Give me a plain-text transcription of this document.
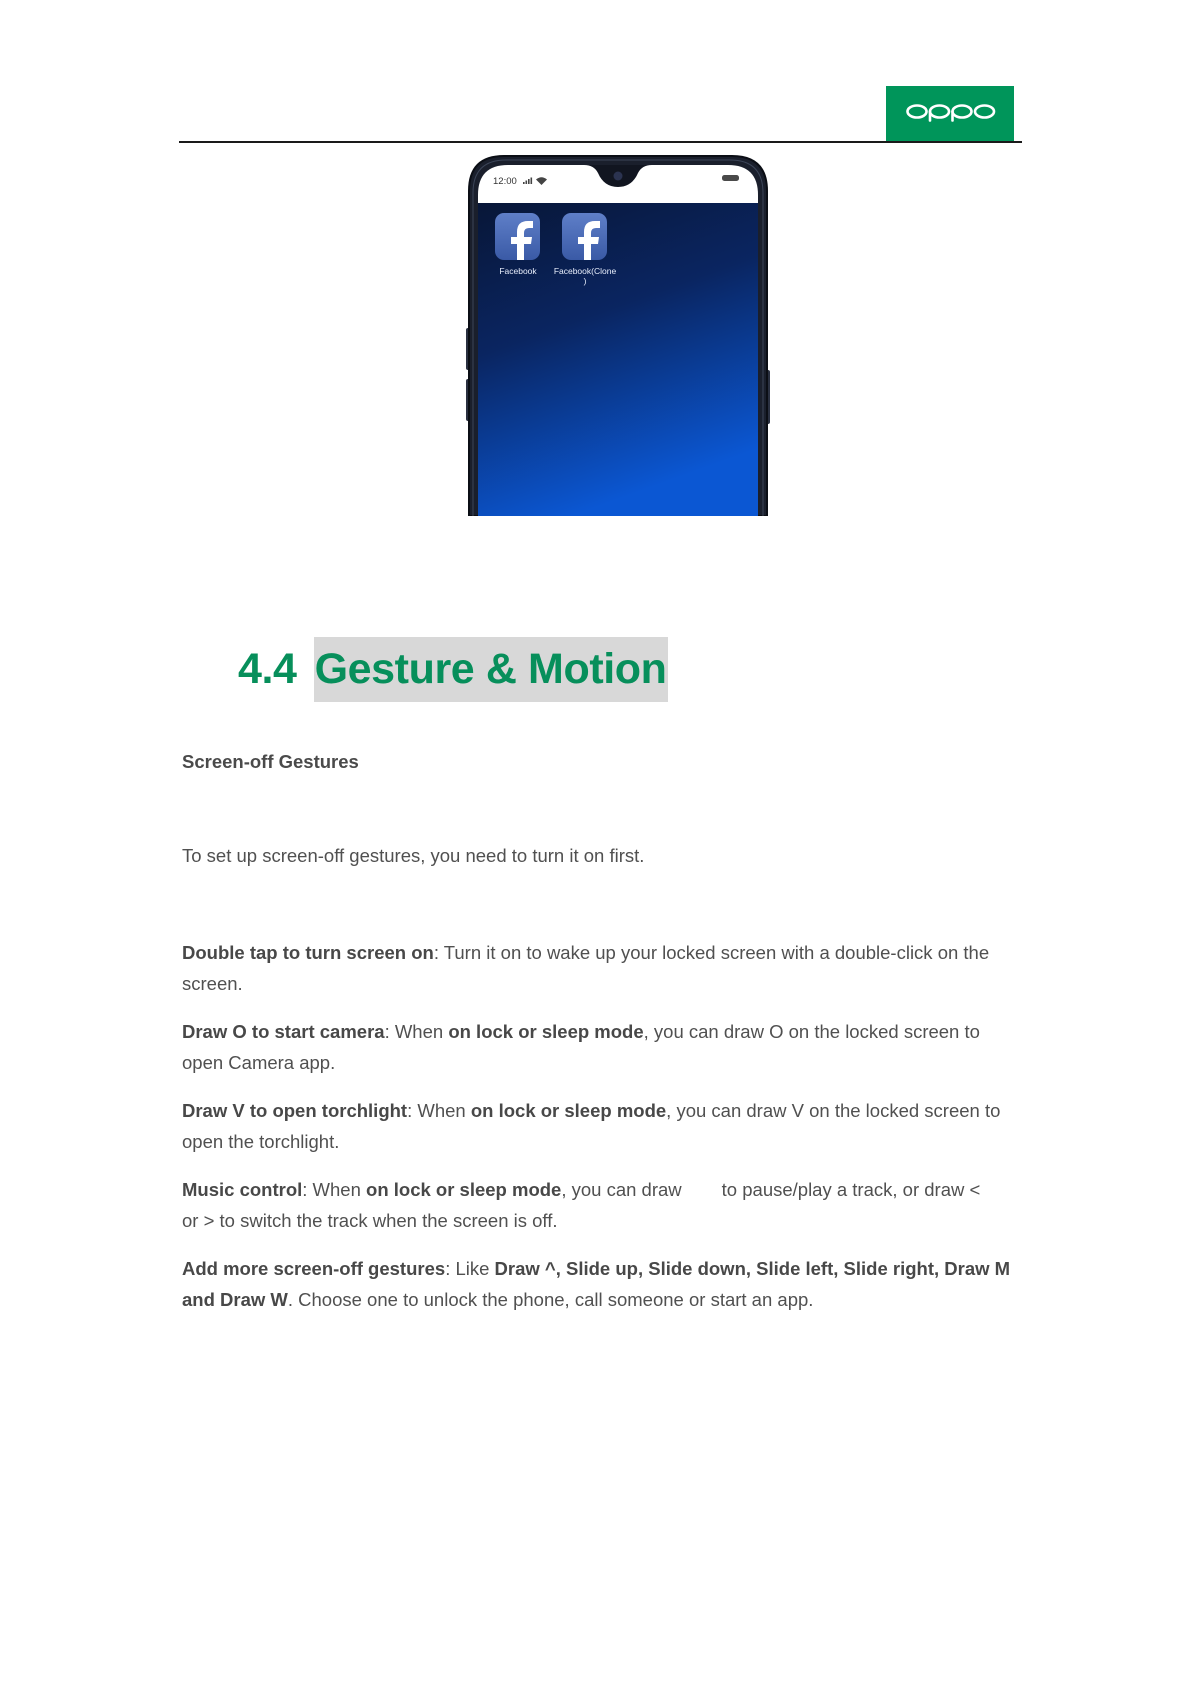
12:00
Facebook Facebook(Clone
)
4.4 Gesture & Motion
Screen-off Gestures
To set up screen-off gestures, you need to turn it on first.
Double tap to turn screen on: Turn it on to wake up your locked screen with a double-click on the
screen.
Draw O to start camera: When on lock or sleep mode, you can draw O on the locked screen to
open Camera app.
Draw V to open torchlight: When on lock or sleep mode, you can draw V on the locked screen to
open the torchlight.
Music control: When on lock or sleep mode, you can draw to pause/play a track, or draw <
or > to switch the track when the screen is off.
Add more screen-off gestures: Like Draw ^, Slide up, Slide down, Slide left, Slide right, Draw M
and Draw W. Choose one to unlock the phone, call someone or start an app.
